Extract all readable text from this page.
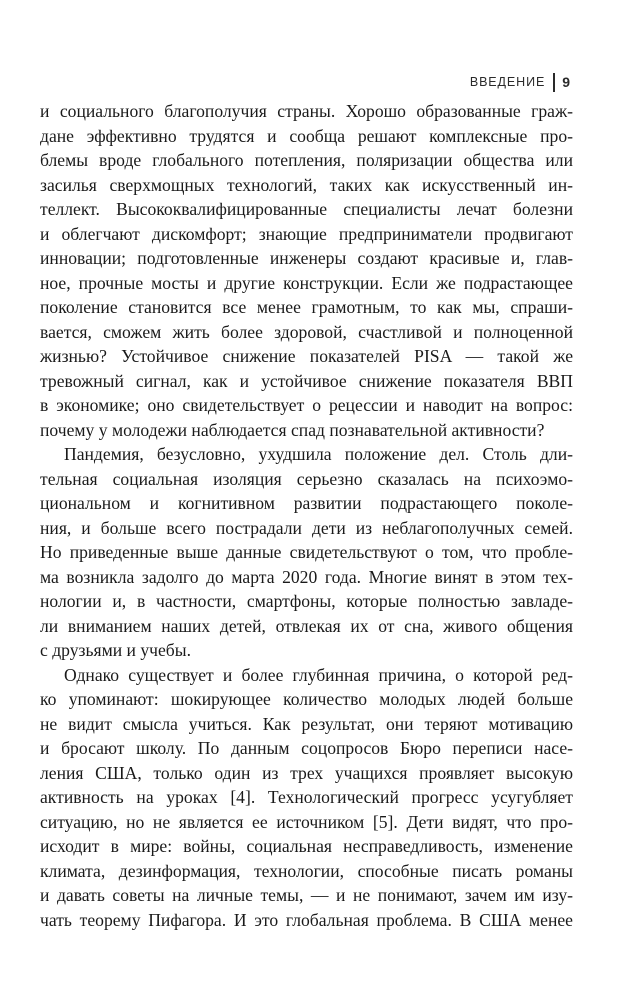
ВВЕДЕНИЕ 9
и социального благополучия страны. Хорошо образованные граж-
дане эффективно трудятся и сообща решают комплексные про-
блемы вроде глобального потепления, поляризации общества или
засилья сверхмощных технологий, таких как искусственный ин-
теллект. Высококвалифицированные специалисты лечат болезни
и облегчают дискомфорт; знающие предприниматели продвигают
инновации; подготовленные инженеры создают красивые и, глав-
ное, прочные мосты и другие конструкции. Если же подрастающее
поколение становится все менее грамотным, то как мы, спраши-
вается, сможем жить более здоровой, счастливой и полноценной
жизнью? Устойчивое снижение показателей PISA — такой же
тревожный сигнал, как и устойчивое снижение показателя ВВП
в экономике; оно свидетельствует о рецессии и наводит на вопрос:
почему у молодежи наблюдается спад познавательной активности?
Пандемия, безусловно, ухудшила положение дел. Столь дли-
тельная социальная изоляция серьезно сказалась на психоэмо-
циональном и когнитивном развитии подрастающего поколе-
ния, и больше всего пострадали дети из неблагополучных семей.
Но приведенные выше данные свидетельствуют о том, что пробле-
ма возникла задолго до марта 2020 года. Многие винят в этом тех-
нологии и, в частности, смартфоны, которые полностью завладе-
ли вниманием наших детей, отвлекая их от сна, живого общения
с друзьями и учебы.
Однако существует и более глубинная причина, о которой ред-
ко упоминают: шокирующее количество молодых людей больше
не видит смысла учиться. Как результат, они теряют мотивацию
и бросают школу. По данным соцопросов Бюро переписи насе-
ления США, только один из трех учащихся проявляет высокую
активность на уроках [4]. Технологический прогресс усугубляет
ситуацию, но не является ее источником [5]. Дети видят, что про-
исходит в мире: войны, социальная несправедливость, изменение
климата, дезинформация, технологии, способные писать романы
и давать советы на личные темы, — и не понимают, зачем им изу-
чать теорему Пифагора. И это глобальная проблема. В США менее
